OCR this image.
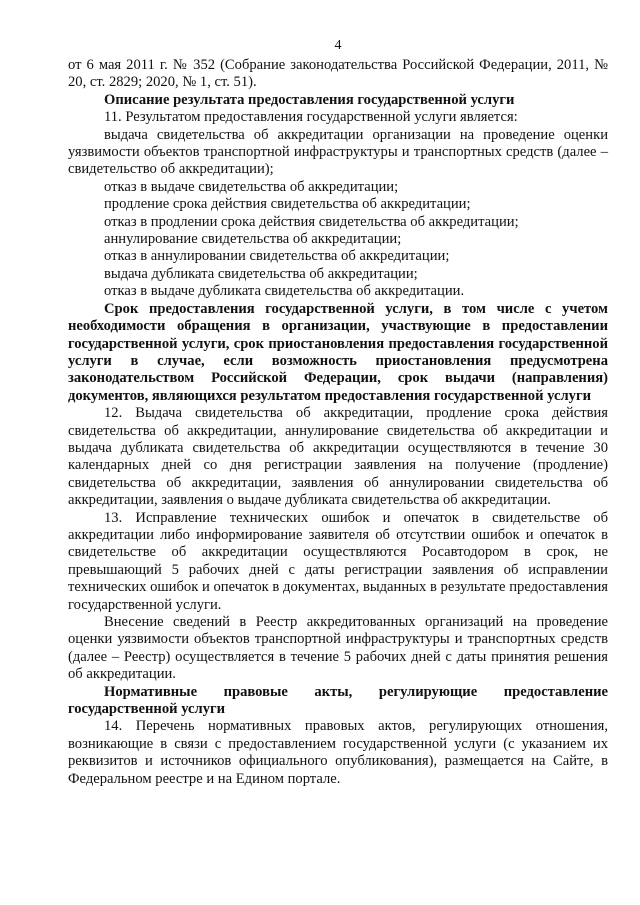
4

от 6 мая 2011 г. № 352 (Собрание законодательства Российской Федерации, 2011, № 20, ст. 2829; 2020, № 1, ст. 51).

Описание результата предоставления государственной услуги

11. Результатом предоставления государственной услуги является:

выдача свидетельства об аккредитации организации на проведение оценки уязвимости объектов транспортной инфраструктуры и транспортных средств (далее – свидетельство об аккредитации);

отказ в выдаче свидетельства об аккредитации;

продление срока действия свидетельства об аккредитации;

отказ в продлении срока действия свидетельства об аккредитации;

аннулирование свидетельства об аккредитации;

отказ в аннулировании свидетельства об аккредитации;

выдача дубликата свидетельства об аккредитации;

отказ в выдаче дубликата свидетельства об аккредитации.

Срок предоставления государственной услуги, в том числе с учетом необходимости обращения в организации, участвующие в предоставлении государственной услуги, срок приостановления предоставления государственной услуги в случае, если возможность приостановления предусмотрена законодательством Российской Федерации, срок выдачи (направления) документов, являющихся результатом предоставления государственной услуги

12. Выдача свидетельства об аккредитации, продление срока действия свидетельства об аккредитации, аннулирование свидетельства об аккредитации и выдача дубликата свидетельства об аккредитации осуществляются в течение 30 календарных дней со дня регистрации заявления на получение (продление) свидетельства об аккредитации, заявления об аннулировании свидетельства об аккредитации, заявления о выдаче дубликата свидетельства об аккредитации.

13. Исправление технических ошибок и опечаток в свидетельстве об аккредитации либо информирование заявителя об отсутствии ошибок и опечаток в свидетельстве об аккредитации осуществляются Росавтодором в срок, не превышающий 5 рабочих дней с даты регистрации заявления об исправлении технических ошибок и опечаток в документах, выданных в результате предоставления государственной услуги.

Внесение сведений в Реестр аккредитованных организаций на проведение оценки уязвимости объектов транспортной инфраструктуры и транспортных средств (далее – Реестр) осуществляется в течение 5 рабочих дней с даты принятия решения об аккредитации.

Нормативные правовые акты, регулирующие предоставление государственной услуги

14. Перечень нормативных правовых актов, регулирующих отношения, возникающие в связи с предоставлением государственной услуги (с указанием их реквизитов и источников официального опубликования), размещается на Сайте, в Федеральном реестре и на Едином портале.
